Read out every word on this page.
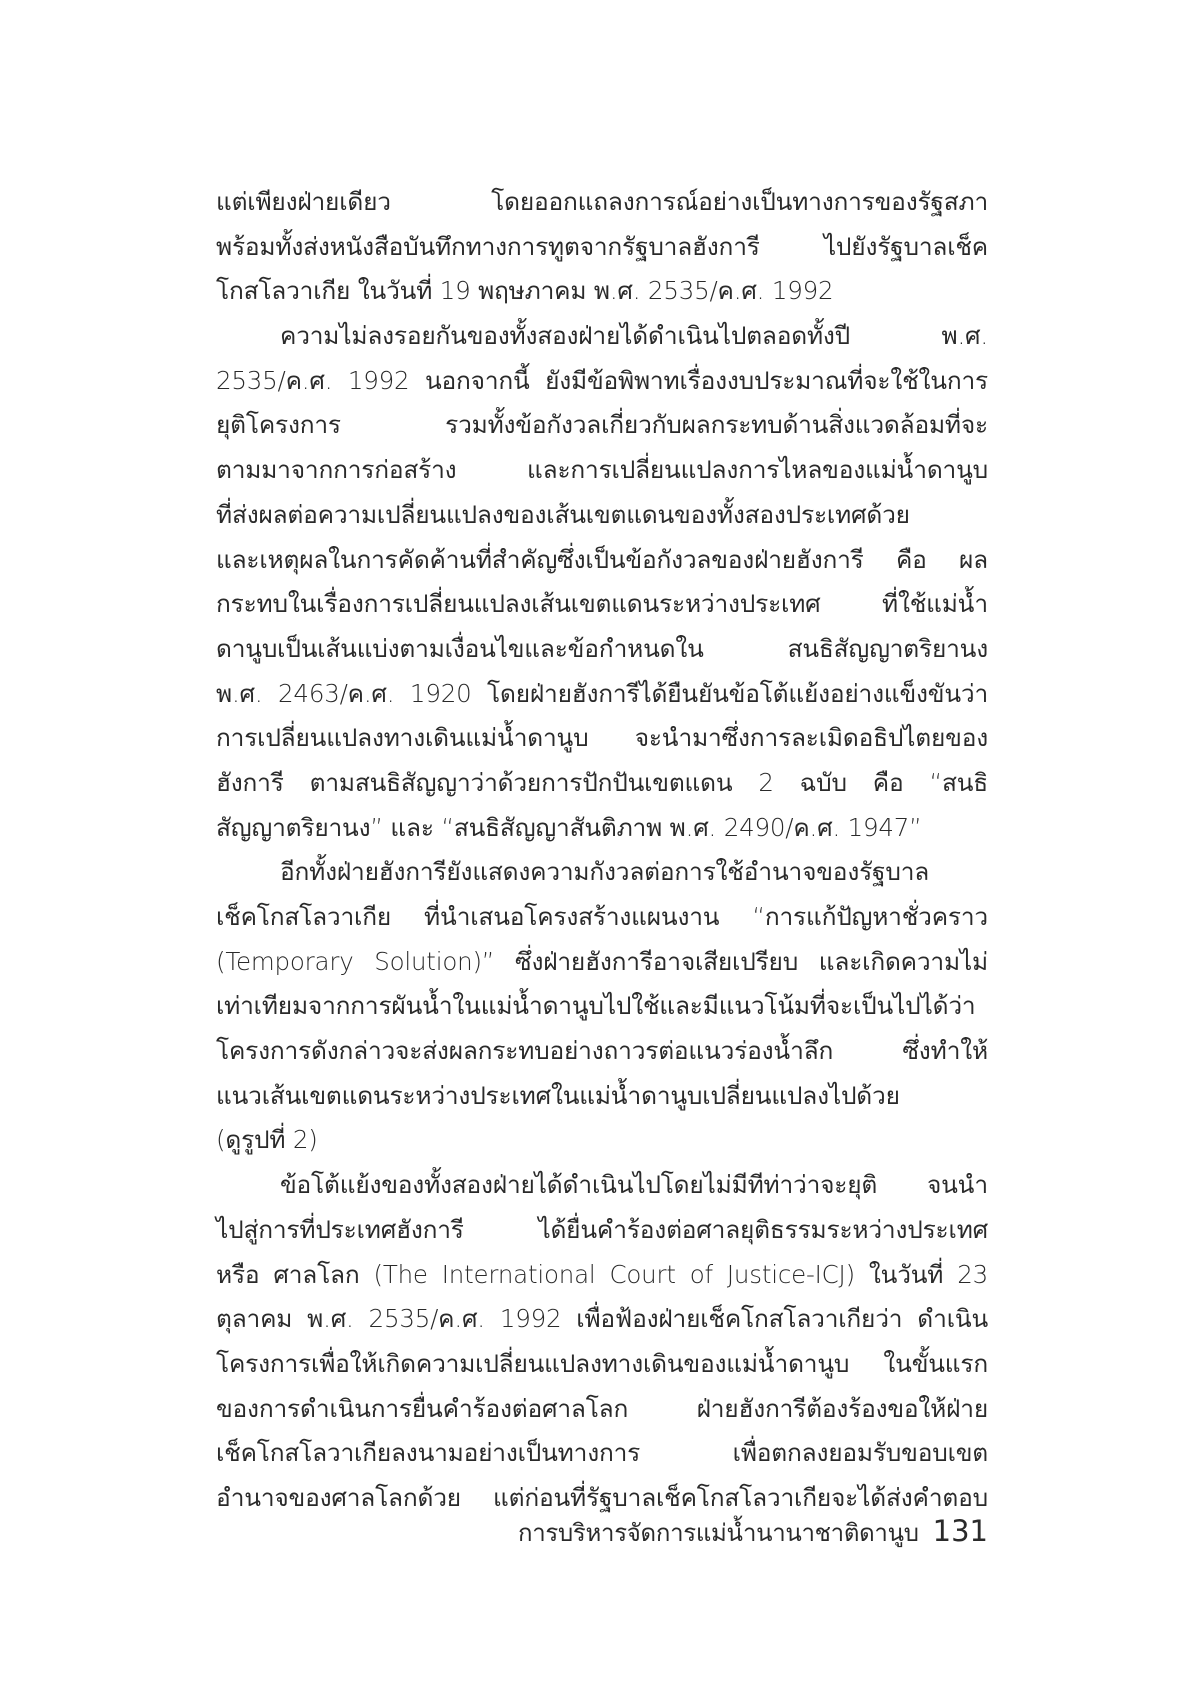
แต่เพียงฝ่ายเดียว โดยออกแถลงการณ์อย่างเป็นทางการของรัฐสภา
พร้อมทั้งส่งหนังสือบันทึกทางการทูตจากรัฐบาลฮังการี ไปยังรัฐบาลเช็ค
โกสโลวาเกีย ในวันที่ 19 พฤษภาคม พ.ศ. 2535/ค.ศ. 1992
ความไม่ลงรอยกันของทั้งสองฝ่ายได้ดำเนินไปตลอดทั้งปี พ.ศ.
2535/ค.ศ. 1992 นอกจากนี้ ยังมีข้อพิพาทเรื่องงบประมาณที่จะใช้ในการ
ยุติโครงการ รวมทั้งข้อกังวลเกี่ยวกับผลกระทบด้านสิ่งแวดล้อมที่จะ
ตามมาจากการก่อสร้าง และการเปลี่ยนแปลงการไหลของแม่น้ำดานูบ
ที่ส่งผลต่อความเปลี่ยนแปลงของเส้นเขตแดนของทั้งสองประเทศด้วย
และเหตุผลในการคัดค้านที่สำคัญซึ่งเป็นข้อกังวลของฝ่ายฮังการี คือ ผล
กระทบในเรื่องการเปลี่ยนแปลงเส้นเขตแดนระหว่างประเทศ ที่ใช้แม่น้ำ
ดานูบเป็นเส้นแบ่งตามเงื่อนไขและข้อกำหนดใน สนธิสัญญาตริยานง
พ.ศ. 2463/ค.ศ. 1920 โดยฝ่ายฮังการีได้ยืนยันข้อโต้แย้งอย่างแข็งขันว่า
การเปลี่ยนแปลงทางเดินแม่น้ำดานูบ จะนำมาซึ่งการละเมิดอธิปไตยของ
ฮังการี ตามสนธิสัญญาว่าด้วยการปักปันเขตแดน 2 ฉบับ คือ “สนธิ
สัญญาตริยานง” และ “สนธิสัญญาสันติภาพ พ.ศ. 2490/ค.ศ. 1947”
อีกทั้งฝ่ายฮังการียังแสดงความกังวลต่อการใช้อำนาจของรัฐบาล
เช็คโกสโลวาเกีย ที่นำเสนอโครงสร้างแผนงาน “การแก้ปัญหาชั่วคราว
(Temporary Solution)” ซึ่งฝ่ายฮังการีอาจเสียเปรียบ และเกิดความไม่
เท่าเทียมจากการผันน้ำในแม่น้ำดานูบไปใช้และมีแนวโน้มที่จะเป็นไปได้ว่า
โครงการดังกล่าวจะส่งผลกระทบอย่างถาวรต่อแนวร่องน้ำลึก ซึ่งทำให้
แนวเส้นเขตแดนระหว่างประเทศในแม่น้ำดานูบเปลี่ยนแปลงไปด้วย
(ดูรูปที่ 2)
ข้อโต้แย้งของทั้งสองฝ่ายได้ดำเนินไปโดยไม่มีทีท่าว่าจะยุติ จนนำ
ไปสู่การที่ประเทศฮังการี ได้ยื่นคำร้องต่อศาลยุติธรรมระหว่างประเทศ
หรือ ศาลโลก (The International Court of Justice-ICJ) ในวันที่ 23
ตุลาคม พ.ศ. 2535/ค.ศ. 1992 เพื่อฟ้องฝ่ายเช็คโกสโลวาเกียว่า ดำเนิน
โครงการเพื่อให้เกิดความเปลี่ยนแปลงทางเดินของแม่น้ำดานูบ ในขั้นแรก
ของการดำเนินการยื่นคำร้องต่อศาลโลก ฝ่ายฮังการีต้องร้องขอให้ฝ่าย
เช็คโกสโลวาเกียลงนามอย่างเป็นทางการ เพื่อตกลงยอมรับขอบเขต
อำนาจของศาลโลกด้วย แต่ก่อนที่รัฐบาลเช็คโกสโลวาเกียจะได้ส่งคำตอบ
การบริหารจัดการแม่น้ำนานาชาติดานูบ 131
